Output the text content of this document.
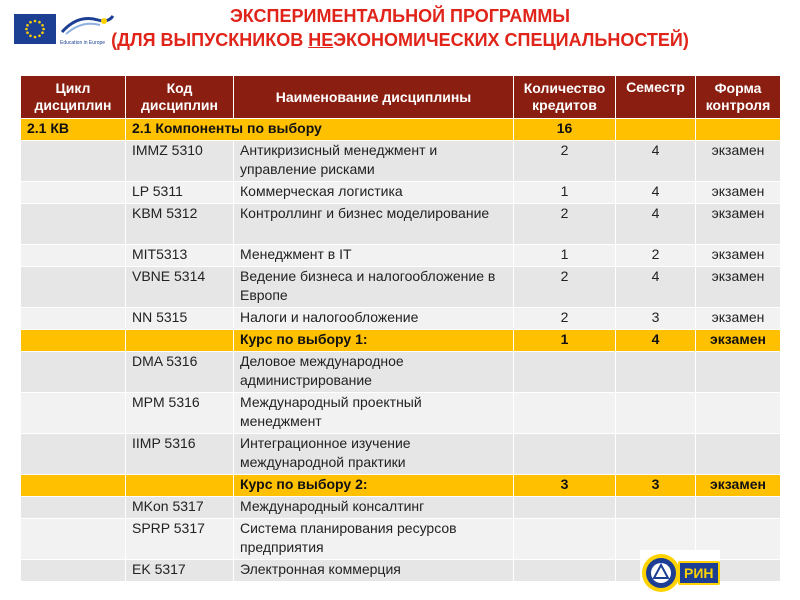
Education in Europe
ЭКСПЕРИМЕНТАЛЬНОЙ ПРОГРАММЫ
(ДЛЯ ВЫПУСКНИКОВ НЕЭКОНОМИЧЕСКИХ СПЕЦИАЛЬНОСТЕЙ)
Цикл дисциплин	Код дисциплин	Наименование дисциплины	Количество кредитов	Семестр	Форма контроля
2.1 КВ	2.1 Компоненты по выбору		16		
	IMMZ 5310	Антикризисный менеджмент и управление рисками	2	4	экзамен
	LP 5311	Коммерческая логистика	1	4	экзамен
	KBM 5312	Контроллинг и бизнес моделирование	2	4	экзамен
	MIT5313	Менеджмент в IT	1	2	экзамен
	VBNE 5314	Ведение бизнеса и налогообложение в Европе	2	4	экзамен
	NN 5315	Налоги и налогообложение	2	3	экзамен
		Курс по выбору 1:	1	4	экзамен
	DMA 5316	Деловое международное администрирование			
	MPM 5316	Международный проектный менеджмент			
	IIMP 5316	Интеграционное изучение международной практики			
		Курс по выбору 2:	3	3	экзамен
	MKon 5317	Международный консалтинг			
	SPRP 5317	Система планирования ресурсов предприятия			
	EK 5317	Электронная коммерция				РИН
